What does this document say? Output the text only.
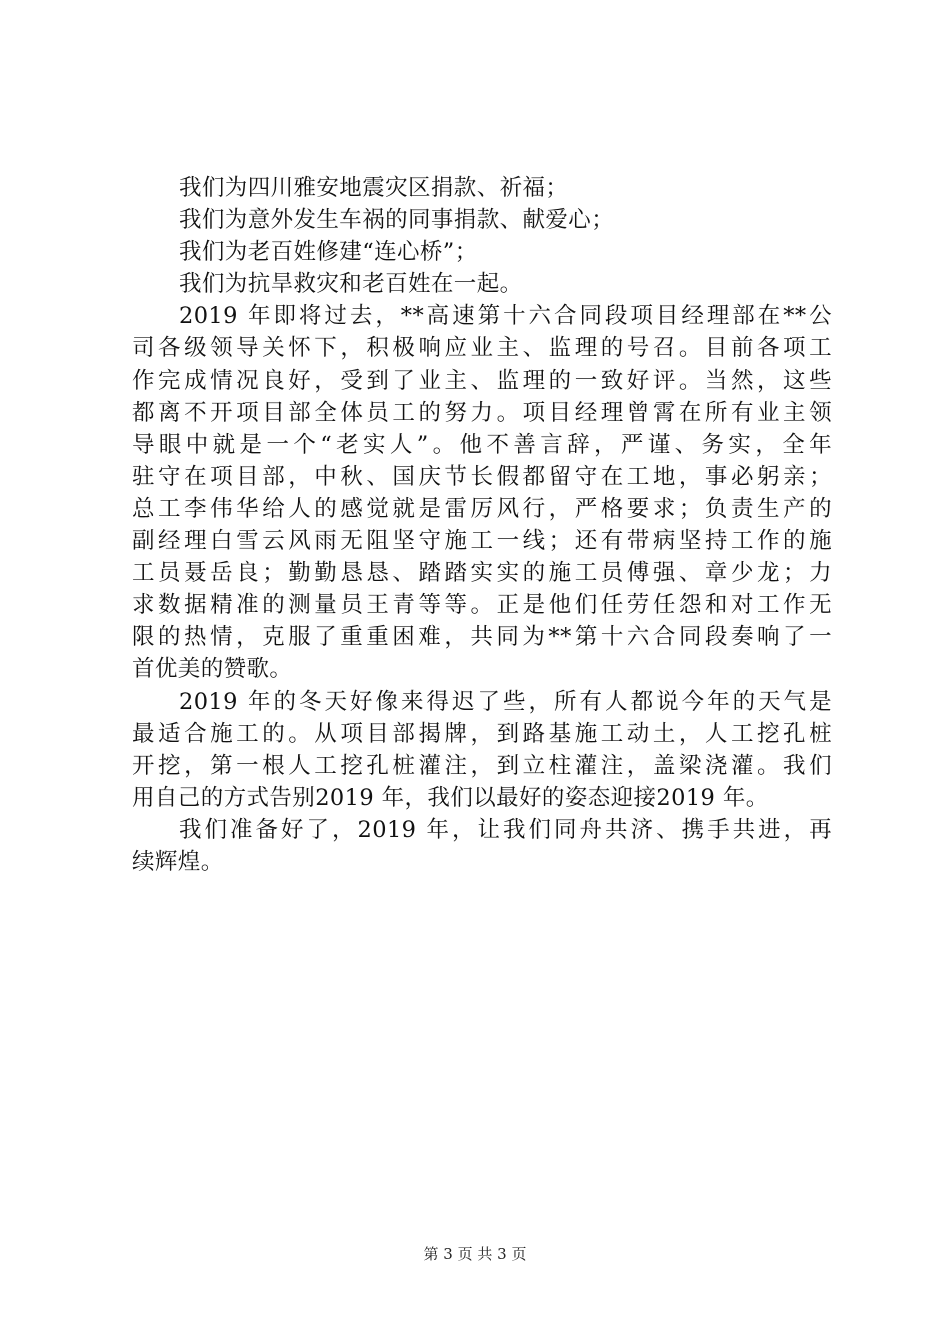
我们为四川雅安地震灾区捐款、祈福；
我们为意外发生车祸的同事捐款、献爱心；
我们为老百姓修建“连心桥”；
我们为抗旱救灾和老百姓在一起。
2019 年即将过去，**高速第十六合同段项目经理部在**公
司各级领导关怀下，积极响应业主、监理的号召。目前各项工
作完成情况良好，受到了业主、监理的一致好评。当然，这些
都离不开项目部全体员工的努力。项目经理曾霄在所有业主领
导眼中就是一个“老实人”。他不善言辞，严谨、务实，全年
驻守在项目部，中秋、国庆节长假都留守在工地，事必躬亲；
总工李伟华给人的感觉就是雷厉风行，严格要求；负责生产的
副经理白雪云风雨无阻坚守施工一线；还有带病坚持工作的施
工员聂岳良；勤勤恳恳、踏踏实实的施工员傅强、章少龙；力
求数据精准的测量员王青等等。正是他们任劳任怨和对工作无
限的热情，克服了重重困难，共同为**第十六合同段奏响了一
首优美的赞歌。
2019 年的冬天好像来得迟了些，所有人都说今年的天气是
最适合施工的。从项目部揭牌，到路基施工动土，人工挖孔桩
开挖，第一根人工挖孔桩灌注，到立柱灌注，盖梁浇灌。我们
用自己的方式告别2019 年，我们以最好的姿态迎接2019 年。
我们准备好了，2019 年，让我们同舟共济、携手共进，再
续辉煌。
第 3 页 共 3 页
